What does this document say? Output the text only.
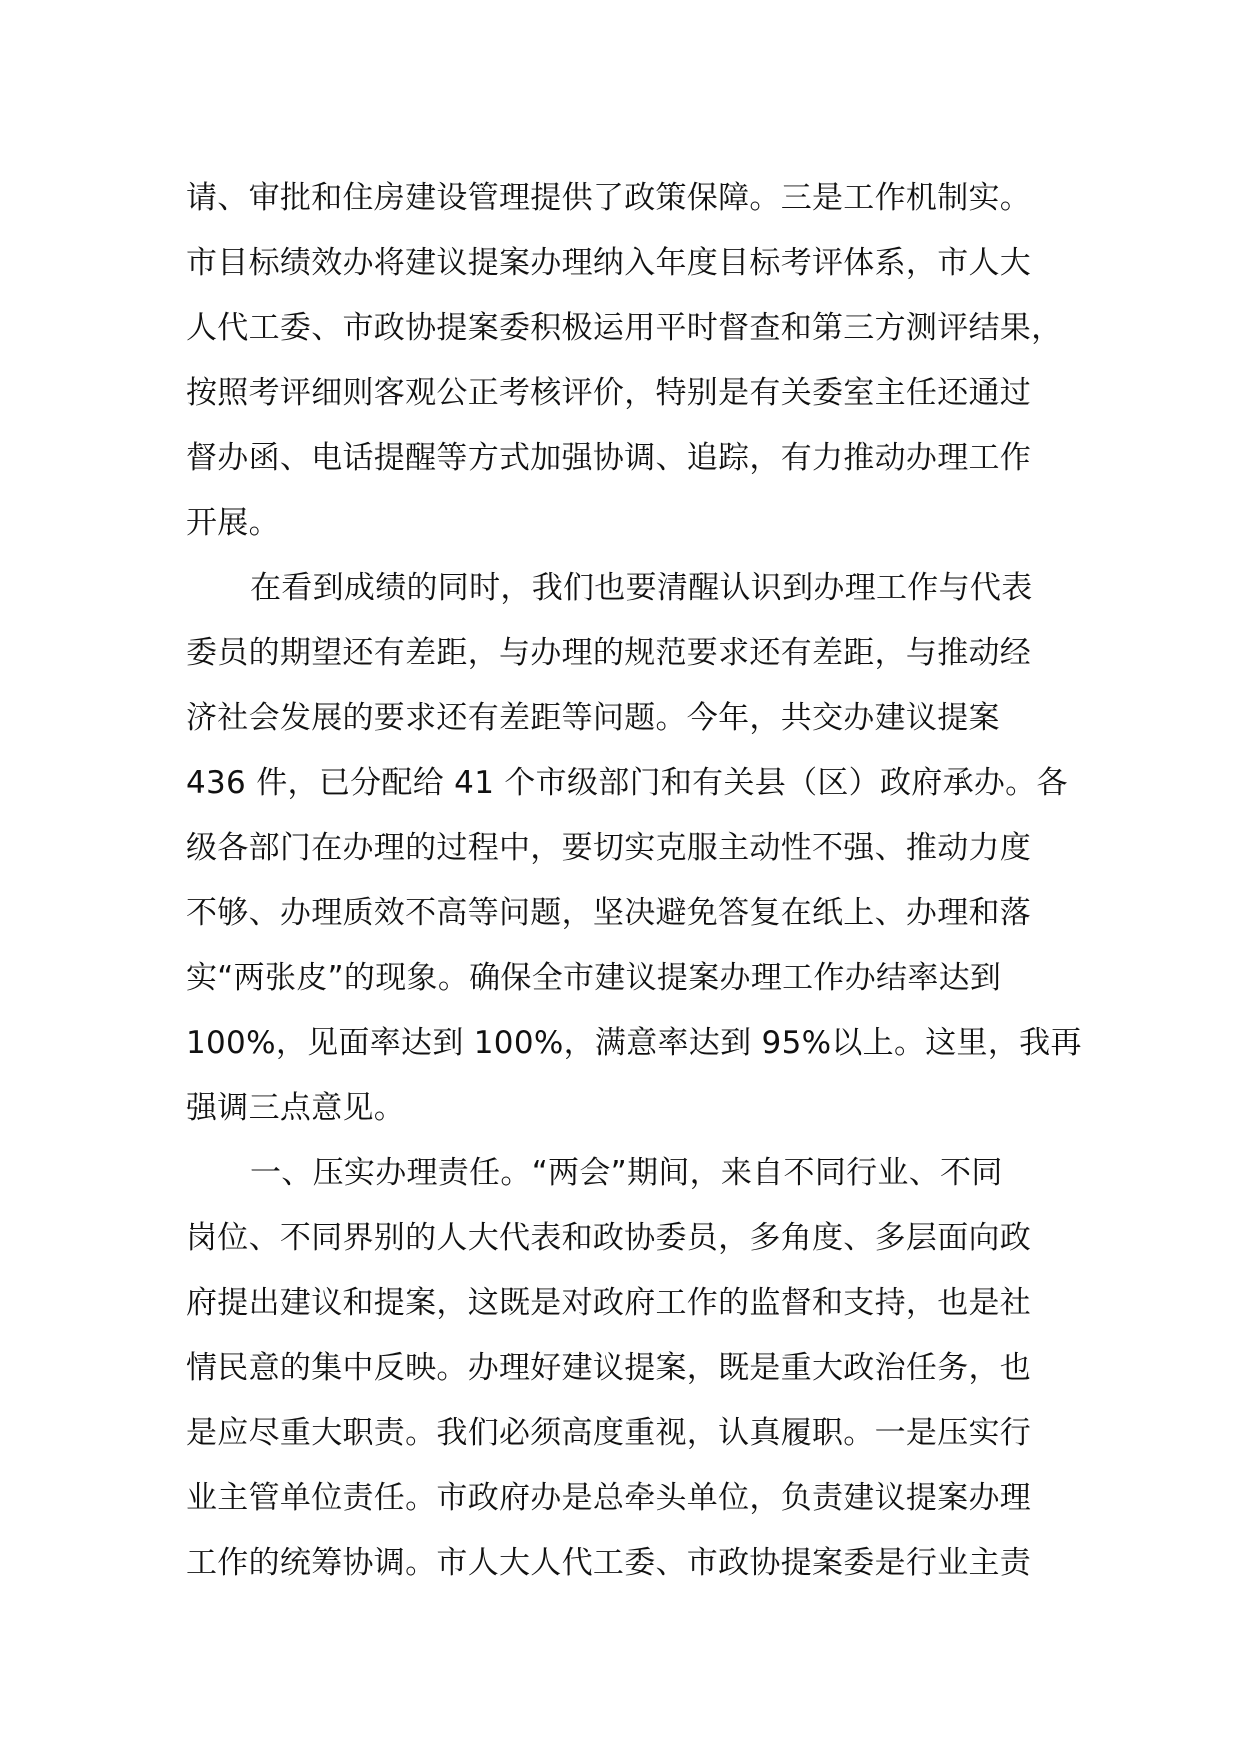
请、审批和住房建设管理提供了政策保障。三是工作机制实。
市目标绩效办将建议提案办理纳入年度目标考评体系，市人大
人代工委、市政协提案委积极运用平时督查和第三方测评结果，
按照考评细则客观公正考核评价，特别是有关委室主任还通过
督办函、电话提醒等方式加强协调、追踪，有力推动办理工作
开展。
在看到成绩的同时，我们也要清醒认识到办理工作与代表
委员的期望还有差距，与办理的规范要求还有差距，与推动经
济社会发展的要求还有差距等问题。今年，共交办建议提案
436 件，已分配给 41 个市级部门和有关县（区）政府承办。各
级各部门在办理的过程中，要切实克服主动性不强、推动力度
不够、办理质效不高等问题，坚决避免答复在纸上、办理和落
实“两张皮”的现象。确保全市建议提案办理工作办结率达到
100%，见面率达到 100%，满意率达到 95%以上。这里，我再
强调三点意见。
一、压实办理责任。“两会”期间，来自不同行业、不同
岗位、不同界别的人大代表和政协委员，多角度、多层面向政
府提出建议和提案，这既是对政府工作的监督和支持，也是社
情民意的集中反映。办理好建议提案，既是重大政治任务，也
是应尽重大职责。我们必须高度重视，认真履职。一是压实行
业主管单位责任。市政府办是总牵头单位，负责建议提案办理
工作的统筹协调。市人大人代工委、市政协提案委是行业主责
